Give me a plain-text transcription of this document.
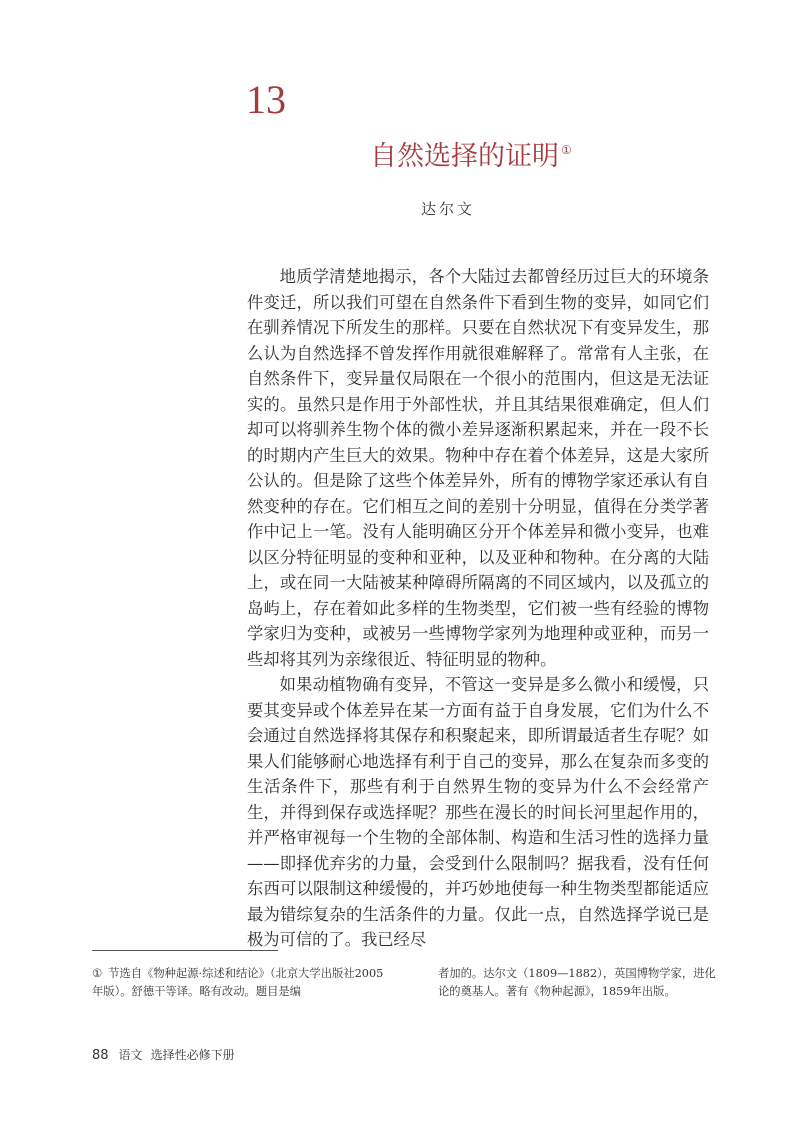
13
自然选择的证明 ①
达尔文

地质学清楚地揭示，各个大陆过去都曾经历过巨大的环境条件变迁，所以我们可望在自然条件下看到生物的变异，如同它们在驯养情况下所发生的那样。只要在自然状况下有变异发生，那么认为自然选择不曾发挥作用就很难解释了。常常有人主张，在自然条件下，变异量仅局限在一个很小的范围内，但这是无法证实的。虽然只是作用于外部性状，并且其结果很难确定，但人们却可以将驯养生物个体的微小差异逐渐积累起来，并在一段不长的时期内产生巨大的效果。物种中存在着个体差异，这是大家所公认的。但是除了这些个体差异外，所有的博物学家还承认有自然变种的存在。它们相互之间的差别十分明显，值得在分类学著作中记上一笔。没有人能明确区分开个体差异和微小变异，也难以区分特征明显的变种和亚种，以及亚种和物种。在分离的大陆上，或在同一大陆被某种障碍所隔离的不同区域内，以及孤立的岛屿上，存在着如此多样的生物类型，它们被一些有经验的博物学家归为变种，或被另一些博物学家列为地理种或亚种，而另一些却将其列为亲缘很近、特征明显的物种。

如果动植物确有变异，不管这一变异是多么微小和缓慢，只要其变异或个体差异在某一方面有益于自身发展，它们为什么不会通过自然选择将其保存和积聚起来，即所谓最适者生存呢？如果人们能够耐心地选择有利于自己的变异，那么在复杂而多变的生活条件下，那些有利于自然界生物的变异为什么不会经常产生，并得到保存或选择呢？那些在漫长的时间长河里起作用的，并严格审视每一个生物的全部体制、构造和生活习性的选择力量——即择优弃劣的力量，会受到什么限制吗？据我看，没有任何东西可以限制这种缓慢的，并巧妙地使每一种生物类型都能适应最为错综复杂的生活条件的力量。仅此一点，自然选择学说已是极为可信的了。我已经尽

① 节选自《物种起源·综述和结论》（北京大学出版社2005年版）。舒德干等译。略有改动。题目是编
者加的。达尔文（1809—1882），英国博物学家，进化论的奠基人。著有《物种起源》，1859年出版。
88 语文 选择性必修下册
